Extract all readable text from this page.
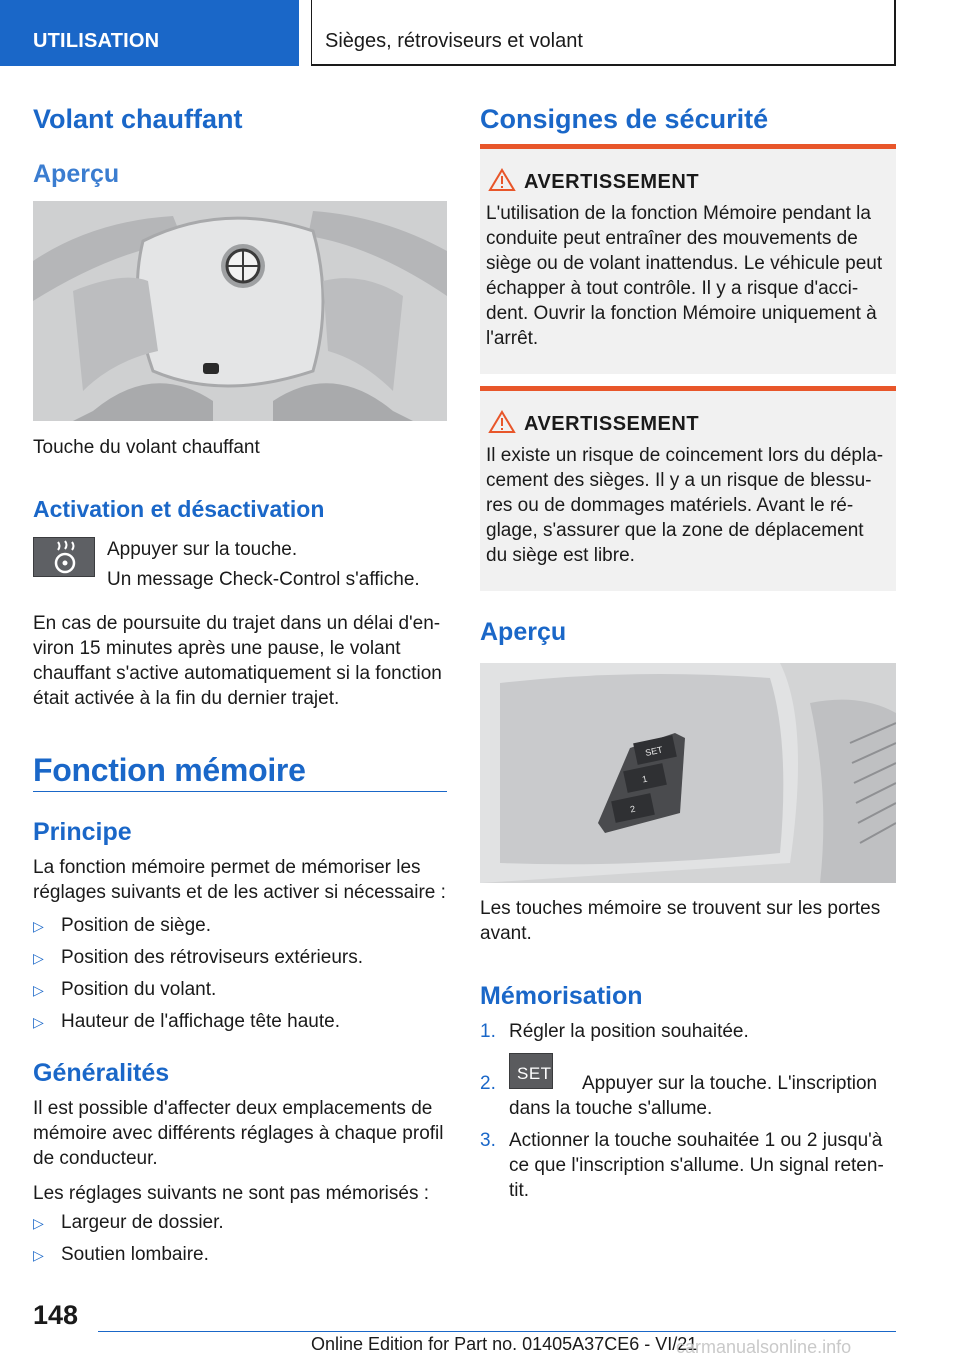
UTILISATION	Sièges, rétroviseurs et volant
Volant chauffant
Aperçu
Touche du volant chauffant
Activation et désactivation
Appuyer sur la touche.
Un message Check-Control s'affiche.
En cas de poursuite du trajet dans un délai d'en‐
viron 15 minutes après une pause, le volant
chauffant s'active automatiquement si la fonction
était activée à la fin du dernier trajet.
Fonction mémoire
Principe
La fonction mémoire permet de mémoriser les
réglages suivants et de les activer si nécessaire :
▷ Position de siège.
▷ Position des rétroviseurs extérieurs.
▷ Position du volant.
▷ Hauteur de l'affichage tête haute.
Généralités
Il est possible d'affecter deux emplacements de
mémoire avec différents réglages à chaque profil
de conducteur.
Les réglages suivants ne sont pas mémorisés :
▷ Largeur de dossier.
▷ Soutien lombaire.
Consignes de sécurité
AVERTISSEMENT
L'utilisation de la fonction Mémoire pendant la
conduite peut entraîner des mouvements de
siège ou de volant inattendus. Le véhicule peut
échapper à tout contrôle. Il y a risque d'acci‐
dent. Ouvrir la fonction Mémoire uniquement à
l'arrêt.
AVERTISSEMENT
Il existe un risque de coincement lors du dépla‐
cement des sièges. Il y a un risque de blessu‐
res ou de dommages matériels. Avant le ré‐
glage, s'assurer que la zone de déplacement
du siège est libre.
Aperçu
SET
1
2
Les touches mémoire se trouvent sur les portes
avant.
Mémorisation
1. Régler la position souhaitée.
2. SET Appuyer sur la touche. L'inscription
dans la touche s'allume.
3. Actionner la touche souhaitée 1 ou 2 jusqu'à
ce que l'inscription s'allume. Un signal reten‐
tit.
148
Online Edition for Part no. 01405A37CE6 - VI/21
carmanualsonline.info
